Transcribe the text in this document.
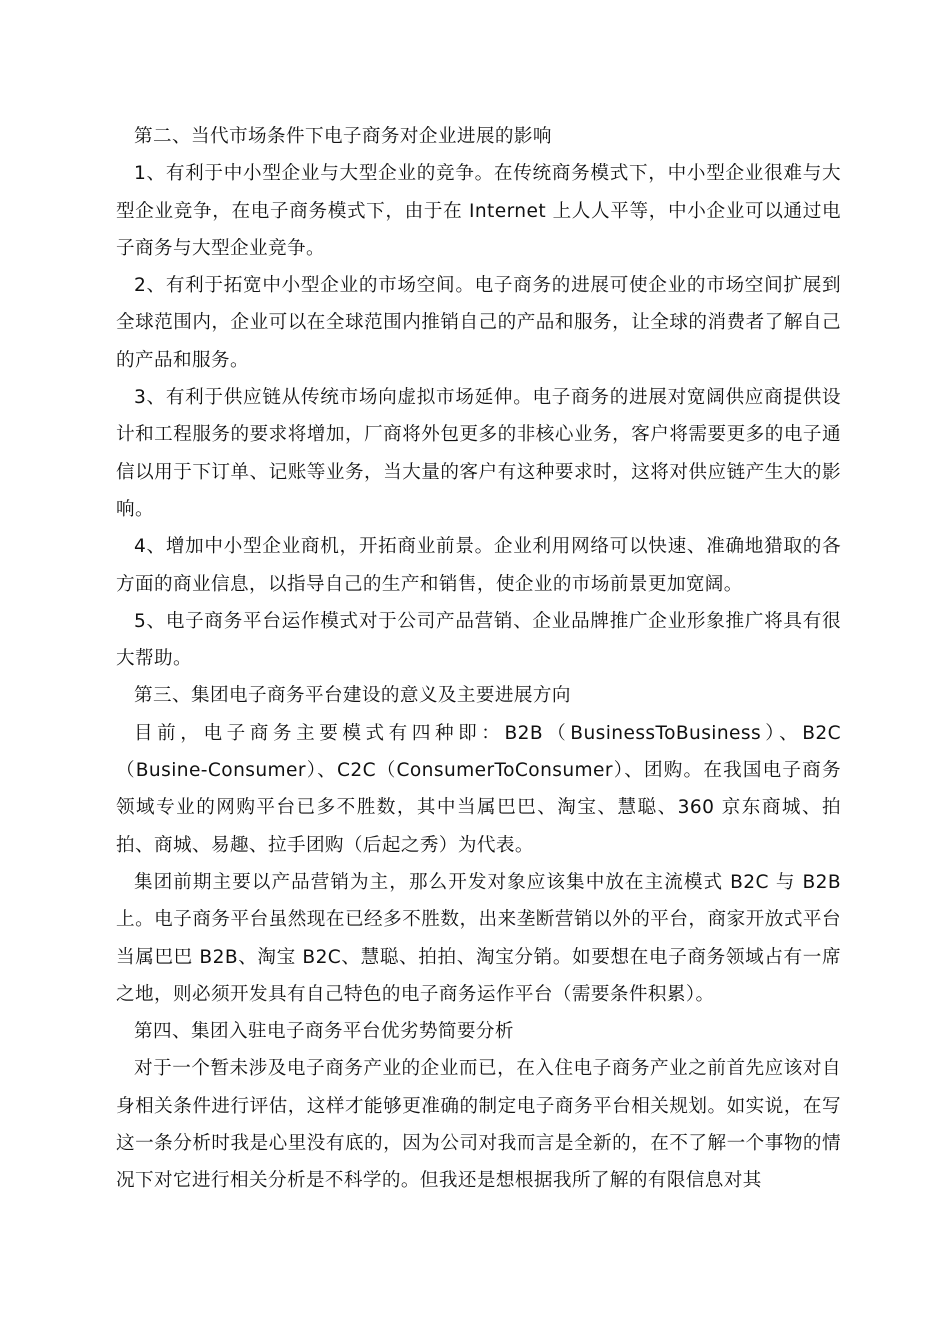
第二、当代市场条件下电子商务对企业进展的影响

1、有利于中小型企业与大型企业的竞争。在传统商务模式下，中小型企业很难与大型企业竞争，在电子商务模式下，由于在 Internet 上人人平等，中小企业可以通过电子商务与大型企业竞争。

2、有利于拓宽中小型企业的市场空间。电子商务的进展可使企业的市场空间扩展到全球范围内，企业可以在全球范围内推销自己的产品和服务，让全球的消费者了解自己的产品和服务。

3、有利于供应链从传统市场向虚拟市场延伸。电子商务的进展对宽阔供应商提供设计和工程服务的要求将增加，厂商将外包更多的非核心业务，客户将需要更多的电子通信以用于下订单、记账等业务，当大量的客户有这种要求时，这将对供应链产生大的影响。

4、增加中小型企业商机，开拓商业前景。企业利用网络可以快速、准确地猎取的各方面的商业信息，以指导自己的生产和销售，使企业的市场前景更加宽阔。

5、电子商务平台运作模式对于公司产品营销、企业品牌推广企业形象推广将具有很大帮助。

第三、集团电子商务平台建设的意义及主要进展方向

目前，电子商务主要模式有四种即：B2B（BusinessToBusiness）、B2C（Busine-Consumer）、C2C（ConsumerToConsumer）、团购。在我国电子商务领域专业的网购平台已多不胜数，其中当属巴巴、淘宝、慧聪、360 京东商城、拍拍、商城、易趣、拉手团购（后起之秀）为代表。

集团前期主要以产品营销为主，那么开发对象应该集中放在主流模式 B2C 与 B2B 上。电子商务平台虽然现在已经多不胜数，出来垄断营销以外的平台，商家开放式平台当属巴巴 B2B、淘宝 B2C、慧聪、拍拍、淘宝分销。如要想在电子商务领域占有一席之地，则必须开发具有自己特色的电子商务运作平台（需要条件积累）。

第四、集团入驻电子商务平台优劣势简要分析

对于一个暂未涉及电子商务产业的企业而已，在入住电子商务产业之前首先应该对自身相关条件进行评估，这样才能够更准确的制定电子商务平台相关规划。如实说，在写这一条分析时我是心里没有底的，因为公司对我而言是全新的，在不了解一个事物的情况下对它进行相关分析是不科学的。但我还是想根据我所了解的有限信息对其
